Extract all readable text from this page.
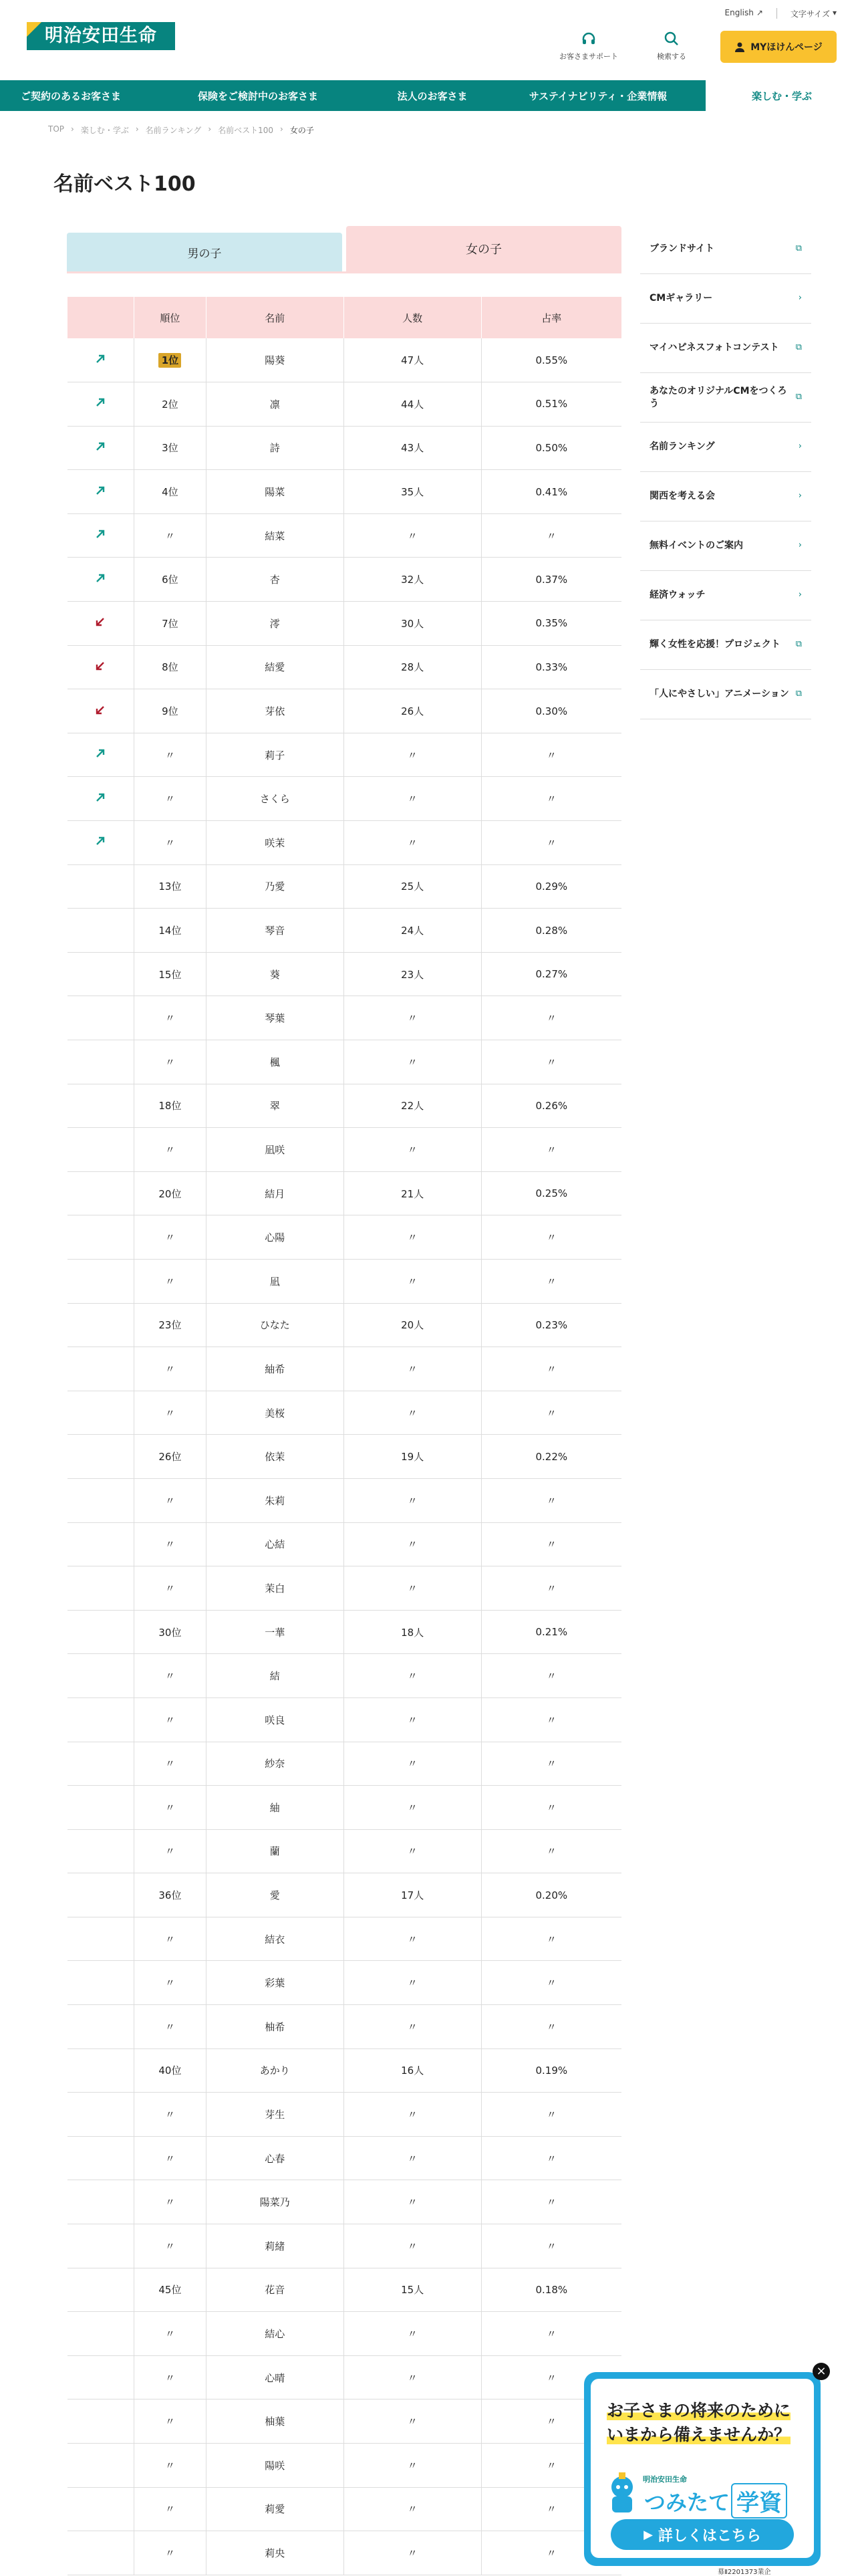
明治安田生命
English ↗	文字サイズ ▾
お客さまサポート	検索する
MYほけんページ
ご契約のあるお客さま	保険をご検討中のお客さま	法人のお客さま	サステイナビリティ・企業情報	楽しむ・学ぶ
TOP › 楽しむ・学ぶ › 名前ランキング › 名前ベスト100 › 女の子
名前ベスト100
男の子	女の子
	順位	名前	人数	占率
	1位	陽葵	47人	0.55%
	2位	凛	44人	0.51%
	3位	詩	43人	0.50%
	4位	陽菜	35人	0.41%
	〃	結菜	〃	〃
	6位	杏	32人	0.37%
	7位	澪	30人	0.35%
	8位	結愛	28人	0.33%
	9位	芽依	26人	0.30%
	〃	莉子	〃	〃
	〃	さくら	〃	〃
	〃	咲茉	〃	〃
	13位	乃愛	25人	0.29%
	14位	琴音	24人	0.28%
	15位	葵	23人	0.27%
	〃	琴葉	〃	〃
	〃	楓	〃	〃
	18位	翠	22人	0.26%
	〃	凪咲	〃	〃
	20位	結月	21人	0.25%
	〃	心陽	〃	〃
	〃	凪	〃	〃
	23位	ひなた	20人	0.23%
	〃	紬希	〃	〃
	〃	美桜	〃	〃
	26位	依茉	19人	0.22%
	〃	朱莉	〃	〃
	〃	心結	〃	〃
	〃	茉白	〃	〃
	30位	一華	18人	0.21%
	〃	結	〃	〃
	〃	咲良	〃	〃
	〃	紗奈	〃	〃
	〃	紬	〃	〃
	〃	蘭	〃	〃
	36位	愛	17人	0.20%
	〃	結衣	〃	〃
	〃	彩葉	〃	〃
	〃	柚希	〃	〃
	40位	あかり	16人	0.19%
	〃	芽生	〃	〃
	〃	心春	〃	〃
	〃	陽菜乃	〃	〃
	〃	莉緒	〃	〃
	45位	花音	15人	0.18%
	〃	結心	〃	〃
	〃	心晴	〃	〃
	〃	柚葉	〃	〃
	〃	陽咲	〃	〃
	〃	莉愛	〃	〃
	〃	莉央	〃	〃
ブランドサイト	⧉
CMギャラリー	›
マイハピネスフォトコンテスト ⧉
あなたのオリジナルCMをつくろう
⧉
名前ランキング	›
関西を考える会	›
無料イベントのご案内	›
経済ウォッチ	›
輝く女性を応援！プロジェクト ⧉
「人にやさしい」アニメーション ⧉
お子さまの将来のために
いまから備えませんか？
明治安田生命
つみたて 学資
▶ 詳しくはこちら
×
募Ⅱ2201373業企
